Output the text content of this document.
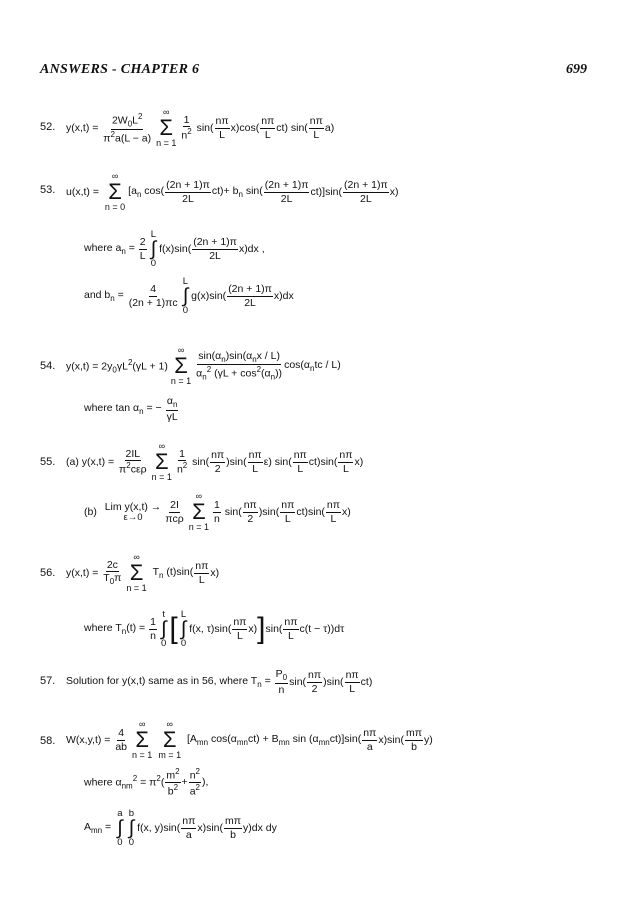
ANSWERS - CHAPTER 6	699
52. $y(x,t) = \frac{2W_0L^2}{\pi^2a(L - a)}$ ∞
Σ
n = 1
$\frac{1}{n^2} \sin( \frac{n\pi}{L} x)\cos( \frac{n\pi}{L} ct)$ $\sin( \frac{n\pi}{L} a)$
53. u(x,t) =
∞
Σ
n = 0
[$a_n$ $\cos( \frac{(2n + 1)\pi}{2L} ct)+ b_n$ $\sin( \frac{(2n + 1)\pi}{2L} ct)]\sin( \frac{(2n + 1)\pi}{2L} x)$
where $a_n = \frac{2}{L}$
L
∫
0
$f(x)\sin( \frac{(2n + 1)\pi}{2L} x)dx$ ,
and $b_n = \frac{4}{(2n + 1)\pi c}$
L
∫
0
$g(x)\sin( \frac{(2n + 1)\pi}{2L} x)dx$
54. $y(x,t) = 2y_0\gamma L^2(\gamma L + 1)$
∞
Σ
$n = 1 \frac{\sin(\alpha_n)\sin(\alpha_nx / L)}{\alpha_n^2 (\gamma L + \cos^2(\alpha_n))} \cos(\alpha_ntc / L)$
where $\tan \alpha_n$ = − $\frac{\alpha_n}{\gamma L}$
55. (a) $y(x,t) = \frac{2IL}{\pi^2c\varepsilon\rho}$
∞
Σ
n = 1
$\frac{1}{n^2} \sin( \frac{n\pi}{2} )\sin( \frac{n\pi}{L} \varepsilon)$ $\sin( \frac{n\pi}{L} ct)\sin( \frac{n\pi}{L} x)$
(b)
Lim y(x,t) →
$\varepsilon\to 0 \frac{2I}{\text{πcρ}}$
∞
Σ
n = 1
$\frac{1}{n} \sin( \frac{n\pi}{2} )\sin( \frac{n\pi}{L} ct)\sin( \frac{n\pi}{L} x)$
56. $y(x,t) = \frac{2c}{T_0\pi}$
∞
Σ
n = 1
$T_n$ $(t)\sin( \frac{n\pi}{L} x)$
where $T_n(t) = \frac{1}{n}$
t
∫
0 [ L
∫
0
f(x, $\tau)\sin( \frac{n\pi}{L} x)$ ] $\sin( \frac{n\pi}{L} c(t - \tau))d\tau$
57. Solution for y(x,t) same as in 56, where $T_n = \frac{P_0}{n} \sin( \frac{n\pi}{2} )\sin( \frac{n\pi}{L} ct)$
58. $W(x,y,t) = \frac{4}{ab}$
∞
Σ
n = 1
∞
Σ
m = 1
[$A_{mn}$ $\cos(\alpha_{mn}ct) + B_{mn}$ $\sin (\alpha_{mn}ct)]\sin( \frac{n\pi}{a} x)\sin( \frac{m\pi}{b} y)$
where $\alpha_{nm}^2 = \pi^2( \frac{m^2}{b^2} + \frac{n^2}{a^2}$ ),
$A_{mn}$ =
a
∫
0
b
∫
0
f(x, $y)\sin( \frac{n\pi}{a} x)\sin( \frac{m\pi}{b} y)dx$ dy
